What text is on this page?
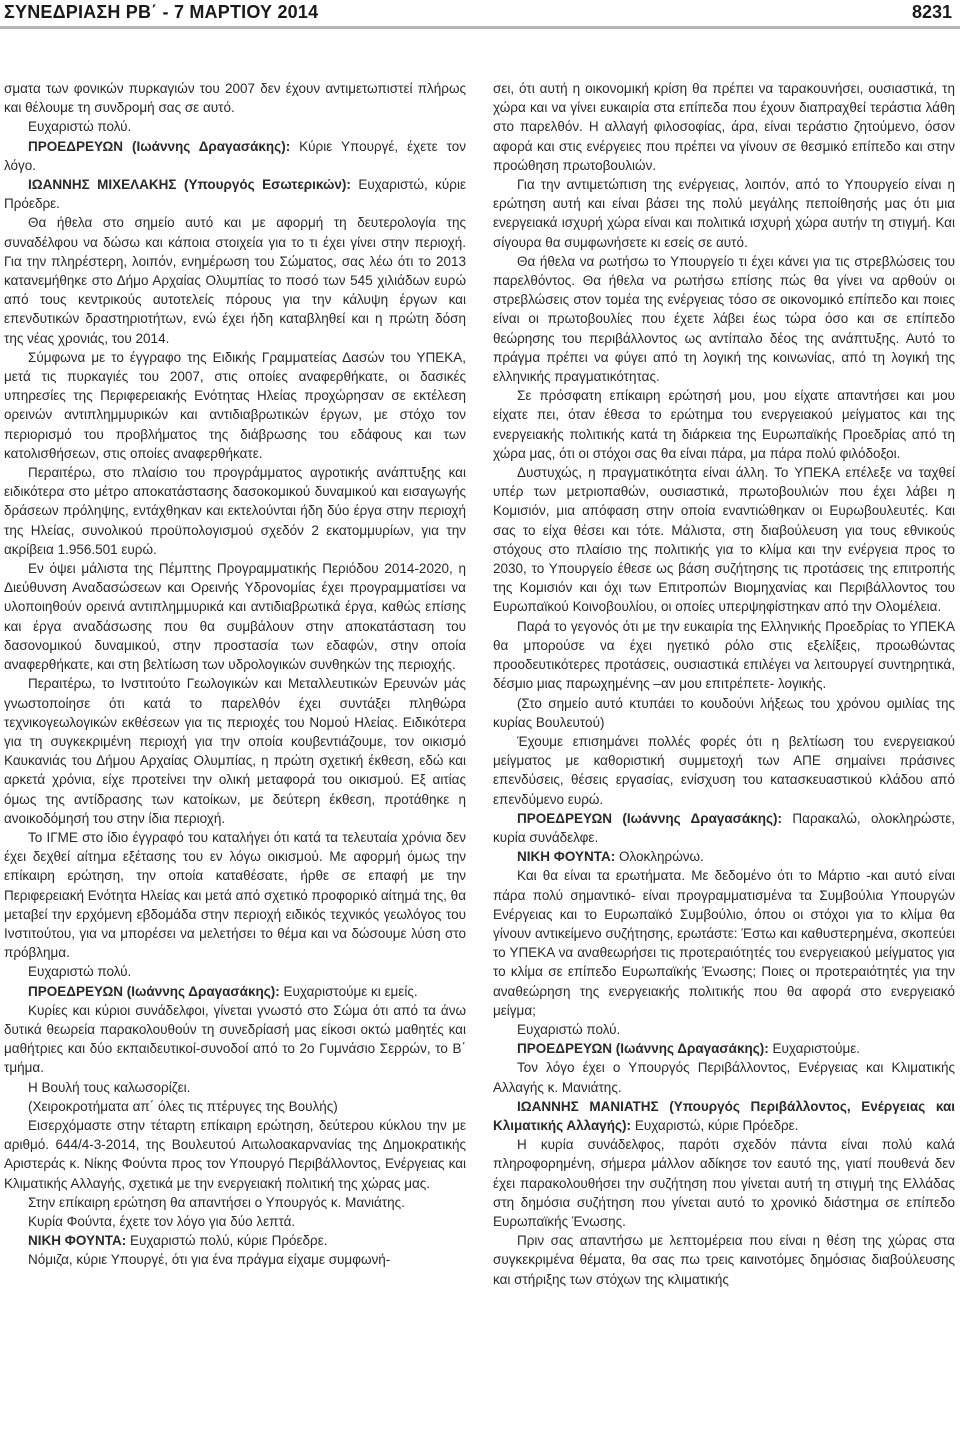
ΣΥΝΕΔΡΙΑΣΗ ΡΒ΄ - 7 ΜΑΡΤΙΟΥ 2014	8231

σματα των φονικών πυρκαγιών του 2007 δεν έχουν αντιμετωπιστεί πλήρως και θέλουμε τη συνδρομή σας σε αυτό.

Ευχαριστώ πολύ.

ΠΡΟΕΔΡΕΥΩΝ (Ιωάννης Δραγασάκης): Κύριε Υπουργέ, έχετε τον λόγο.

ΙΩΑΝΝΗΣ ΜΙΧΕΛΑΚΗΣ (Υπουργός Εσωτερικών): Ευχαριστώ, κύριε Πρόεδρε.

Θα ήθελα στο σημείο αυτό και με αφορμή τη δευτερολογία της συναδέλφου να δώσω και κάποια στοιχεία για το τι έχει γίνει στην περιοχή. Για την πληρέστερη, λοιπόν, ενημέρωση του Σώματος, σας λέω ότι το 2013 κατανεμήθηκε στο Δήμο Αρχαίας Ολυμπίας το ποσό των 545 χιλιάδων ευρώ από τους κεντρικούς αυτοτελείς πόρους για την κάλυψη έργων και επενδυτικών δραστηριοτήτων, ενώ έχει ήδη καταβληθεί και η πρώτη δόση της νέας χρονιάς, του 2014.

Σύμφωνα με το έγγραφο της Ειδικής Γραμματείας Δασών του ΥΠΕΚΑ, μετά τις πυρκαγιές του 2007, στις οποίες αναφερθήκατε, οι δασικές υπηρεσίες της Περιφερειακής Ενότητας Ηλείας προχώρησαν σε εκτέλεση ορεινών αντιπλημμυρικών και αντιδιαβρωτικών έργων, με στόχο τον περιορισμό του προβλήματος της διάβρωσης του εδάφους και των κατολισθήσεων, στις οποίες αναφερθήκατε.

Περαιτέρω, στο πλαίσιο του προγράμματος αγροτικής ανάπτυξης και ειδικότερα στο μέτρο αποκατάστασης δασοκομικού δυναμικού και εισαγωγής δράσεων πρόληψης, εντάχθηκαν και εκτελούνται ήδη δύο έργα στην περιοχή της Ηλείας, συνολικού προϋπολογισμού σχεδόν 2 εκατομμυρίων, για την ακρίβεια 1.956.501 ευρώ.

Εν όψει μάλιστα της Πέμπτης Προγραμματικής Περιόδου 2014-2020, η Διεύθυνση Αναδασώσεων και Ορεινής Υδρονομίας έχει προγραμματίσει να υλοποιηθούν ορεινά αντιπλημμυρικά και αντιδιαβρωτικά έργα, καθώς επίσης και έργα αναδάσωσης που θα συμβάλουν στην αποκατάσταση του δασονομικού δυναμικού, στην προστασία των εδαφών, στην οποία αναφερθήκατε, και στη βελτίωση των υδρολογικών συνθηκών της περιοχής.

Περαιτέρω, το Ινστιτούτο Γεωλογικών και Μεταλλευτικών Ερευνών μάς γνωστοποίησε ότι κατά το παρελθόν έχει συντάξει πληθώρα τεχνικογεωλογικών εκθέσεων για τις περιοχές του Νομού Ηλείας. Ειδικότερα για τη συγκεκριμένη περιοχή για την οποία κουβεντιάζουμε, τον οικισμό Καυκανιάς του Δήμου Αρχαίας Ολυμπίας, η πρώτη σχετική έκθεση, εδώ και αρκετά χρόνια, είχε προτείνει την ολική μεταφορά του οικισμού. Εξ αιτίας όμως της αντίδρασης των κατοίκων, με δεύτερη έκθεση, προτάθηκε η ανοικοδόμησή του στην ίδια περιοχή.

Το ΙΓΜΕ στο ίδιο έγγραφό του καταλήγει ότι κατά τα τελευταία χρόνια δεν έχει δεχθεί αίτημα εξέτασης του εν λόγω οικισμού. Με αφορμή όμως την επίκαιρη ερώτηση, την οποία καταθέσατε, ήρθε σε επαφή με την Περιφερειακή Ενότητα Ηλείας και μετά από σχετικό προφορικό αίτημά της, θα μεταβεί την ερχόμενη εβδομάδα στην περιοχή ειδικός τεχνικός γεωλόγος του Ινστιτούτου, για να μπορέσει να μελετήσει το θέμα και να δώσουμε λύση στο πρόβλημα.

Ευχαριστώ πολύ.

ΠΡΟΕΔΡΕΥΩΝ (Ιωάννης Δραγασάκης): Ευχαριστούμε κι εμείς.

Κυρίες και κύριοι συνάδελφοι, γίνεται γνωστό στο Σώμα ότι από τα άνω δυτικά θεωρεία παρακολουθούν τη συνεδρίασή μας είκοσι οκτώ μαθητές και μαθήτριες και δύο εκπαιδευτικοί-συνοδοί από το 2ο Γυμνάσιο Σερρών, το Β΄ τμήμα.

Η Βουλή τους καλωσορίζει.

(Χειροκροτήματα απ΄ όλες τις πτέρυγες της Βουλής)

Εισερχόμαστε στην τέταρτη επίκαιρη ερώτηση, δεύτερου κύκλου την με αριθμό. 644/4-3-2014, της Βουλευτού Αιτωλοακαρνανίας της Δημοκρατικής Αριστεράς κ. Νίκης Φούντα προς τον Υπουργό Περιβάλλοντος, Ενέργειας και Κλιματικής Αλλαγής, σχετικά με την ενεργειακή πολιτική της χώρας μας.

Στην επίκαιρη ερώτηση θα απαντήσει ο Υπουργός κ. Μανιάτης.

Κυρία Φούντα, έχετε τον λόγο για δύο λεπτά.

ΝΙΚΗ ΦΟΥΝΤΑ: Ευχαριστώ πολύ, κύριε Πρόεδρε.

Νόμιζα, κύριε Υπουργέ, ότι για ένα πράγμα είχαμε συμφωνή-

σει, ότι αυτή η οικονομική κρίση θα πρέπει να ταρακουνήσει, ουσιαστικά, τη χώρα και να γίνει ευκαιρία στα επίπεδα που έχουν διαπραχθεί τεράστια λάθη στο παρελθόν. Η αλλαγή φιλοσοφίας, άρα, είναι τεράστιο ζητούμενο, όσον αφορά και στις ενέργειες που πρέπει να γίνουν σε θεσμικό επίπεδο και στην προώθηση πρωτοβουλιών.

Για την αντιμετώπιση της ενέργειας, λοιπόν, από το Υπουργείο είναι η ερώτηση αυτή και είναι βάσει της πολύ μεγάλης πεποίθησής μας ότι μια ενεργειακά ισχυρή χώρα είναι και πολιτικά ισχυρή χώρα αυτήν τη στιγμή. Και σίγουρα θα συμφωνήσετε κι εσείς σε αυτό.

Θα ήθελα να ρωτήσω το Υπουργείο τι έχει κάνει για τις στρεβλώσεις του παρελθόντος. Θα ήθελα να ρωτήσω επίσης πώς θα γίνει να αρθούν οι στρεβλώσεις στον τομέα της ενέργειας τόσο σε οικονομικό επίπεδο και ποιες είναι οι πρωτοβουλίες που έχετε λάβει έως τώρα όσο και σε επίπεδο θεώρησης του περιβάλλοντος ως αντίπαλο δέος της ανάπτυξης. Αυτό το πράγμα πρέπει να φύγει από τη λογική της κοινωνίας, από τη λογική της ελληνικής πραγματικότητας.

Σε πρόσφατη επίκαιρη ερώτησή μου, μου είχατε απαντήσει και μου είχατε πει, όταν έθεσα το ερώτημα του ενεργειακού μείγματος και της ενεργειακής πολιτικής κατά τη διάρκεια της Ευρωπαϊκής Προεδρίας από τη χώρα μας, ότι οι στόχοι σας θα είναι πάρα, μα πάρα πολύ φιλόδοξοι.

Δυστυχώς, η πραγματικότητα είναι άλλη. Το ΥΠΕΚΑ επέλεξε να ταχθεί υπέρ των μετριοπαθών, ουσιαστικά, πρωτοβουλιών που έχει λάβει η Κομισιόν, μια απόφαση στην οποία εναντιώθηκαν οι Ευρωβουλευτές. Και σας το είχα θέσει και τότε. Μάλιστα, στη διαβούλευση για τους εθνικούς στόχους στο πλαίσιο της πολιτικής για το κλίμα και την ενέργεια προς το 2030, το Υπουργείο έθεσε ως βάση συζήτησης τις προτάσεις της επιτροπής της Κομισιόν και όχι των Επιτροπών Βιομηχανίας και Περιβάλλοντος του Ευρωπαϊκού Κοινοβουλίου, οι οποίες υπερψηφίστηκαν από την Ολομέλεια.

Παρά το γεγονός ότι με την ευκαιρία της Ελληνικής Προεδρίας το ΥΠΕΚΑ θα μπορούσε να έχει ηγετικό ρόλο στις εξελίξεις, προωθώντας προοδευτικότερες προτάσεις, ουσιαστικά επιλέγει να λειτουργεί συντηρητικά, δέσμιο μιας παρωχημένης –αν μου επιτρέπετε- λογικής.

(Στο σημείο αυτό κτυπάει το κουδούνι λήξεως του χρόνου ομιλίας της κυρίας Βουλευτού)

Έχουμε επισημάνει πολλές φορές ότι η βελτίωση του ενεργειακού μείγματος με καθοριστική συμμετοχή των ΑΠΕ σημαίνει πράσινες επενδύσεις, θέσεις εργασίας, ενίσχυση του κατασκευαστικού κλάδου από επενδύμενο ευρώ.

ΠΡΟΕΔΡΕΥΩΝ (Ιωάννης Δραγασάκης): Παρακαλώ, ολοκληρώστε, κυρία συνάδελφε.

ΝΙΚΗ ΦΟΥΝΤΑ: Ολοκληρώνω.

Και θα είναι τα ερωτήματα. Με δεδομένο ότι το Μάρτιο -και αυτό είναι πάρα πολύ σημαντικό- είναι προγραμματισμένα τα Συμβούλια Υπουργών Ενέργειας και το Ευρωπαϊκό Συμβούλιο, όπου οι στόχοι για το κλίμα θα γίνουν αντικείμενο συζήτησης, ερωτάστε: Έστω και καθυστερημένα, σκοπεύει το ΥΠΕΚΑ να αναθεωρήσει τις προτεραιότητές του ενεργειακού μείγματος για το κλίμα σε επίπεδο Ευρωπαϊκής Ένωσης; Ποιες οι προτεραιότητές για την αναθεώρηση της ενεργειακής πολιτικής που θα αφορά στο ενεργειακό μείγμα;

Ευχαριστώ πολύ.

ΠΡΟΕΔΡΕΥΩΝ (Ιωάννης Δραγασάκης): Ευχαριστούμε.

Τον λόγο έχει ο Υπουργός Περιβάλλοντος, Ενέργειας και Κλιματικής Αλλαγής κ. Μανιάτης.

ΙΩΑΝΝΗΣ ΜΑΝΙΑΤΗΣ (Υπουργός Περιβάλλοντος, Ενέργειας και Κλιματικής Αλλαγής): Ευχαριστώ, κύριε Πρόεδρε.

Η κυρία συνάδελφος, παρότι σχεδόν πάντα είναι πολύ καλά πληροφορημένη, σήμερα μάλλον αδίκησε τον εαυτό της, γιατί πουθενά δεν έχει παρακολουθήσει την συζήτηση που γίνεται αυτή τη στιγμή της Ελλάδας στη δημόσια συζήτηση που γίνεται αυτό το χρονικό διάστημα σε επίπεδο Ευρωπαϊκής Ένωσης.

Πριν σας απαντήσω με λεπτομέρεια που είναι η θέση της χώρας στα συγκεκριμένα θέματα, θα σας πω τρεις καινοτόμες δημόσιας διαβούλευσης και στήριξης των στόχων της κλιματικής
